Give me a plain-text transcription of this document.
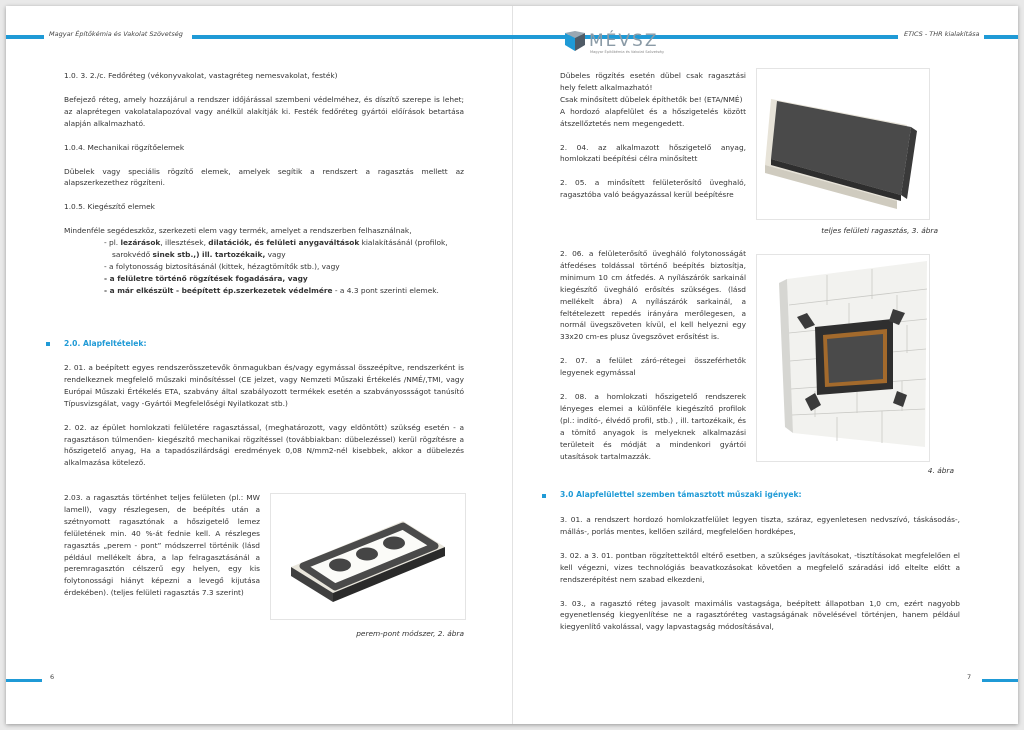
Magyar Építőkémia és Vakolat Szövetség

1.0. 3. 2./c. Fedőréteg (vékonyvakolat, vastagréteg nemesvakolat, festék)

Befejező réteg, amely hozzájárul a rendszer időjárással szembeni védelméhez, és díszítő szerepe is lehet; az alaprétegen vakolatalapozóval vagy anélkül alakítják ki. Festék fedőréteg gyártói előírások betartása alapján alkalmazható.

1.0.4. Mechanikai rögzítőelemek

Dübelek vagy speciális rögzítő elemek, amelyek segítik a rendszert a ragasztás mellett az alapszerkezethez rögzíteni.

1.0.5. Kiegészítő elemek

Mindenféle segédeszköz, szerkezeti elem vagy termék, amelyet a rendszerben felhasználnak,

- pl. lezárások, illesztések, dilatációk, és felületi anygaváltások kialakításánál (profilok,

sarokvédő sinek stb.,) ill. tartozékaik, vagy

- a folytonosság biztosításánál (kittek, hézagtömítők stb.), vagy

- a felületre történő rögzítések fogadására, vagy

- a már elkészült - beépített ép.szerkezetek védelmére - a 4.3 pont szerinti elemek.

2.0. Alapfeltételek:

2. 01. a beépített egyes rendszerösszetevők önmagukban és/vagy egymással összeépítve, rendszerként is rendelkeznek megfelelő műszaki minősítéssel (CE jelzet, vagy Nemzeti Műszaki Értékelés /NMÉ/,TMI, vagy Európai Műszaki Értékelés ETA, szabvány által szabályozott termékek esetén a szabványossságot tanúsító Típusvizsgálat, vagy -Gyártói Megfelelőségi Nyilatkozat stb.)

2. 02. az épület homlokzati felületére ragasztással, (meghatározott, vagy eldöntött) szükség esetén - a ragasztáson túlmenően- kiegészítő mechanikai rögzítéssel (továbbiakban: dübelezéssel) kerül rögzítésre a hőszigetelő anyag, Ha a tapadószilárdsági eredmények 0,08 N/mm2-nél kisebbek, akkor a dübelezés alkalmazása kötelező.

2.03. a ragasztás történhet teljes felületen (pl.: MW lamell), vagy részlegesen, de beépítés után a szétnyomott ragasztónak a hőszigetelő lemez felületének min. 40 %-át fednie kell. A részleges ragasztás „perem - pont” módszerrel történik (lásd például mellékelt ábra, a lap felragasztásánál a peremragasztón célszerű egy helyen, egy kis folytonossági hiányt képezni a levegő kijutása érdekében). (teljes felületi ragasztás 7.3 szerint)
perem-pont módszer, 2. ábra
6
ETICS - THR kialakítása
MÉVSZ
Magyar Építőkémia és Vakolat Szövetség

Dübeles rögzítés esetén dübel csak ragasztási hely felett alkalmazható!

Csak minősített dübelek építhetők be! (ETA/NMÉ)

A hordozó alapfelület és a hőszigetelés között átszellőztetés nem megengedett.

2. 04. az alkalmazott hőszigetelő anyag, homlokzati beépítési célra minősített

2. 05. a minősített felületerősítő üveghaló, ragasztóba való beágyazással kerül beépítésre

teljes felületi ragasztás, 3. ábra

2. 06. a felületerősítő üvegháló folytonosságát átfedéses toldással történő beépítés biztosítja, minimum 10 cm átfedés. A nyílászárók sarkainál kiegészítő üvegháló erősítés szükséges. (lásd mellékelt ábra) A nyílászárók sarkainál, a feltételezett repedés irányára merőlegesen, a normál üvegszöveten kívül, el kell helyezni egy 33x20 cm-es plusz üvegszövet erősítést is.

2. 07. a felület záró-rétegei összeférhetők legyenek egymással

2. 08. a homlokzati hőszigetelő rendszerek lényeges elemei a különféle kiegészítő profilok (pl.: indító-, élvédő profil, stb.) , ill. tartozékaik, és a tömítő anyagok is melyeknek alkalmazási területeit és módját a mindenkori gyártói utasítások tartalmazzák.

4. ábra
3.0 Alapfelülettel szemben támasztott műszaki igények:

3. 01. a rendszert hordozó homlokzatfelület legyen tiszta, száraz, egyenletesen nedvszívó, táskásodás-, mállás-, porlás mentes, kellően szilárd, megfelelően hordképes,

3. 02. a 3. 01. pontban rögzítettektől eltérő esetben, a szükséges javításokat, -tisztításokat megfelelően el kell végezni, vizes technológiás beavatkozásokat követően a megfelelő száradási idő eltelte előtt a rendszerépítést nem szabad elkezdeni,

3. 03., a ragasztó réteg javasolt maximális vastagsága, beépített állapotban 1,0 cm, ezért nagyobb egyenetlenség kiegyenlítése ne a ragasztóréteg vastagságának növelésével történjen, hanem például kiegyenlítő vakolással, vagy lapvastagság módosításával,

7
